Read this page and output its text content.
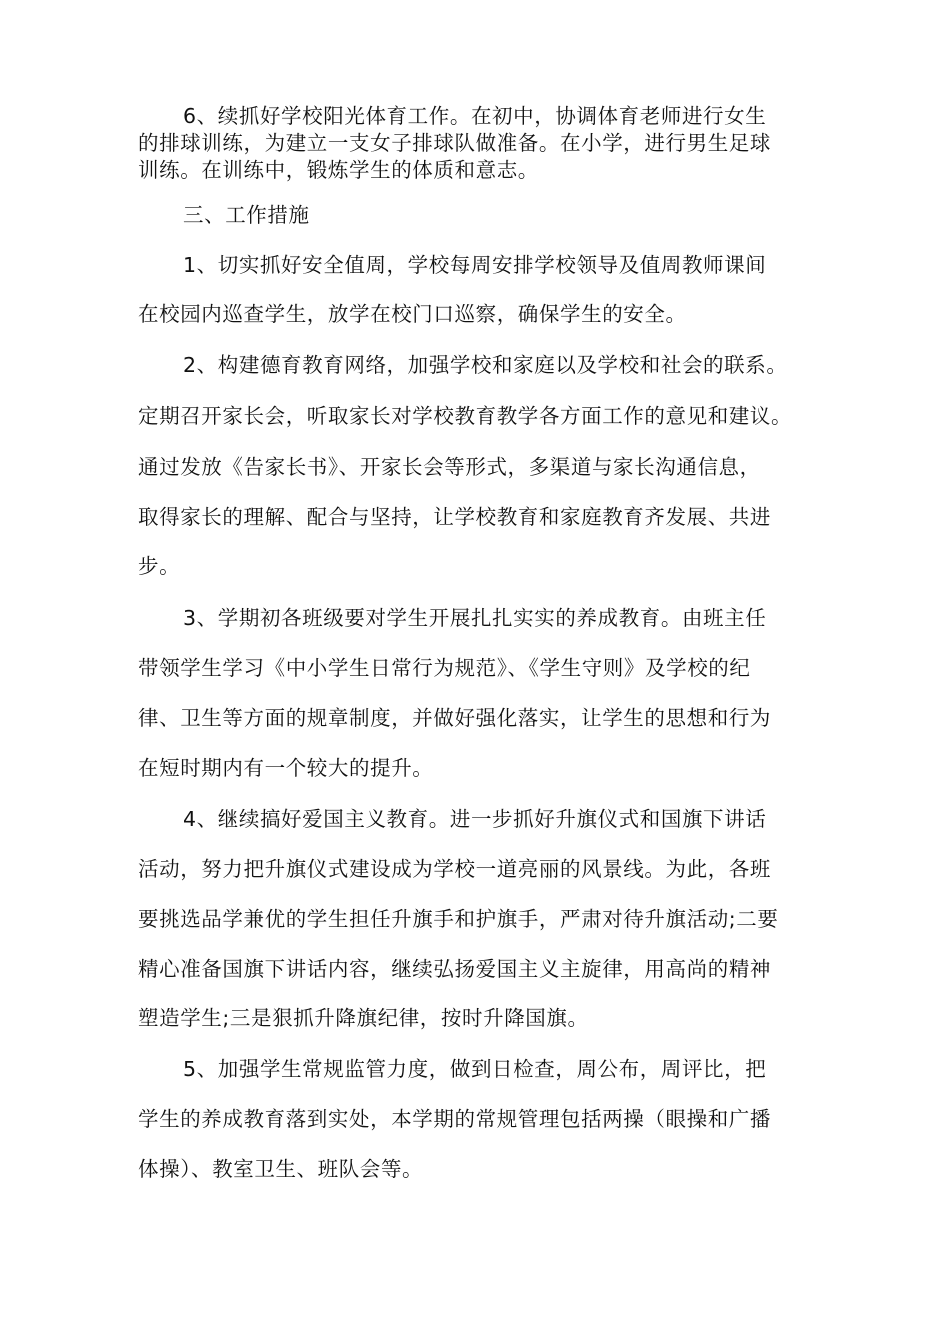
6、续抓好学校阳光体育工作。在初中，协调体育老师进行女生
的排球训练，为建立一支女子排球队做准备。在小学，进行男生足球
训练。在训练中，锻炼学生的体质和意志。
三、工作措施
1、切实抓好安全值周，学校每周安排学校领导及值周教师课间
在校园内巡查学生，放学在校门口巡察，确保学生的安全。
2、构建德育教育网络，加强学校和家庭以及学校和社会的联系。
定期召开家长会，听取家长对学校教育教学各方面工作的意见和建议。
通过发放《告家长书》、开家长会等形式，多渠道与家长沟通信息，
取得家长的理解、配合与坚持，让学校教育和家庭教育齐发展、共进
步。
3、学期初各班级要对学生开展扎扎实实的养成教育。由班主任
带领学生学习《中小学生日常行为规范》、《学生守则》及学校的纪
律、卫生等方面的规章制度，并做好强化落实，让学生的思想和行为
在短时期内有一个较大的提升。
4、继续搞好爱国主义教育。进一步抓好升旗仪式和国旗下讲话
活动，努力把升旗仪式建设成为学校一道亮丽的风景线。为此，各班
要挑选品学兼优的学生担任升旗手和护旗手，严肃对待升旗活动;二要
精心准备国旗下讲话内容，继续弘扬爱国主义主旋律，用高尚的精神
塑造学生;三是狠抓升降旗纪律，按时升降国旗。
5、加强学生常规监管力度，做到日检查，周公布，周评比，把
学生的养成教育落到实处，本学期的常规管理包括两操（眼操和广播
体操）、教室卫生、班队会等。
